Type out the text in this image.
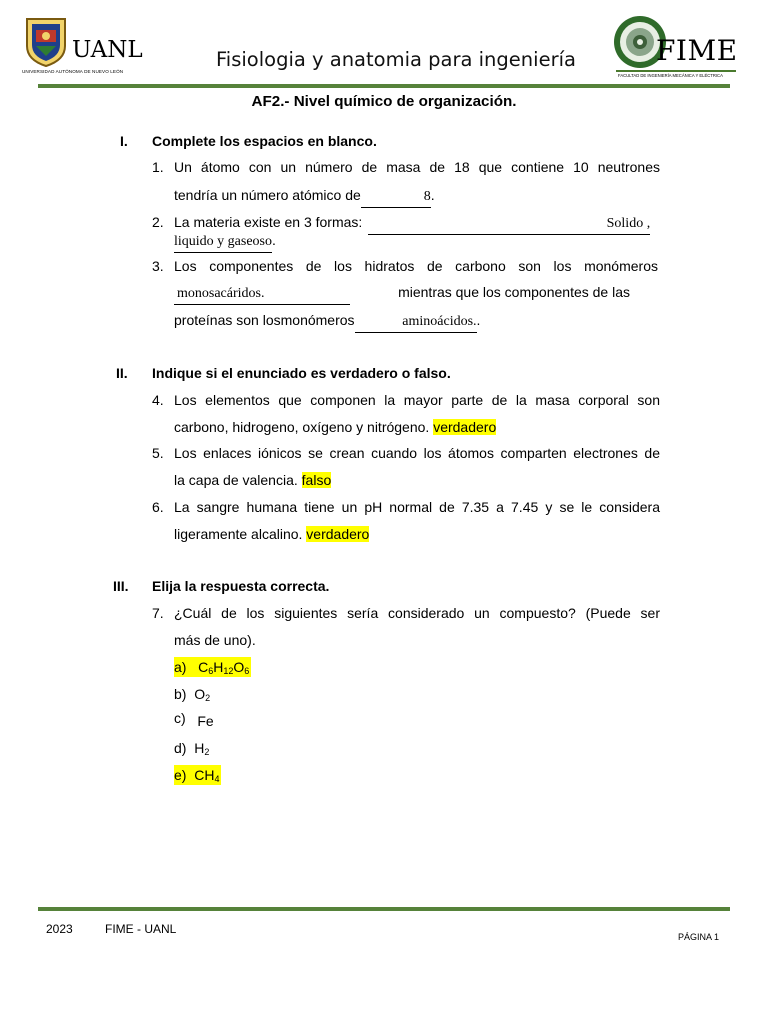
UANL
UNIVERSIDAD AUTÓNOMA DE NUEVO LEÓN
Fisiologia y anatomia para ingeniería	FIME
FACULTAD DE INGENIERÍA MECÁNICA Y ELÉCTRICA
AF2.- Nivel químico de organización.
I. Complete los espacios en blanco.
1. Un átomo con un número de masa de 18 que contiene 10 neutrones
tendría un número atómico de	8.
2. La materia existe en 3 formas:	Solido ,
liquido y gaseoso.
3. Los componentes de los hidratos de carbono son los monómeros
monosacáridos.	mientras que los componentes de las
proteínas son losmonómeros	aminoácidos..
II. Indique si el enunciado es verdadero o falso.
4. Los elementos que componen la mayor parte de la masa corporal son
carbono, hidrogeno, oxígeno y nitrógeno. verdadero
5. Los enlaces iónicos se crean cuando los átomos comparten electrones de
la capa de valencia. falso
6. La sangre humana tiene un pH normal de 7.35 a 7.45 y se le considera
ligeramente alcalino. verdadero
III. Elija la respuesta correcta.
7. ¿Cuál de los siguientes sería considerado un compuesto? (Puede ser
más de uno).
a) $C_6H_{12}O_6$
b) $O_2$
c) Fe
d) $H_2$
e) $CH_4$
2023	FIME - UANL
PÁGINA 1
